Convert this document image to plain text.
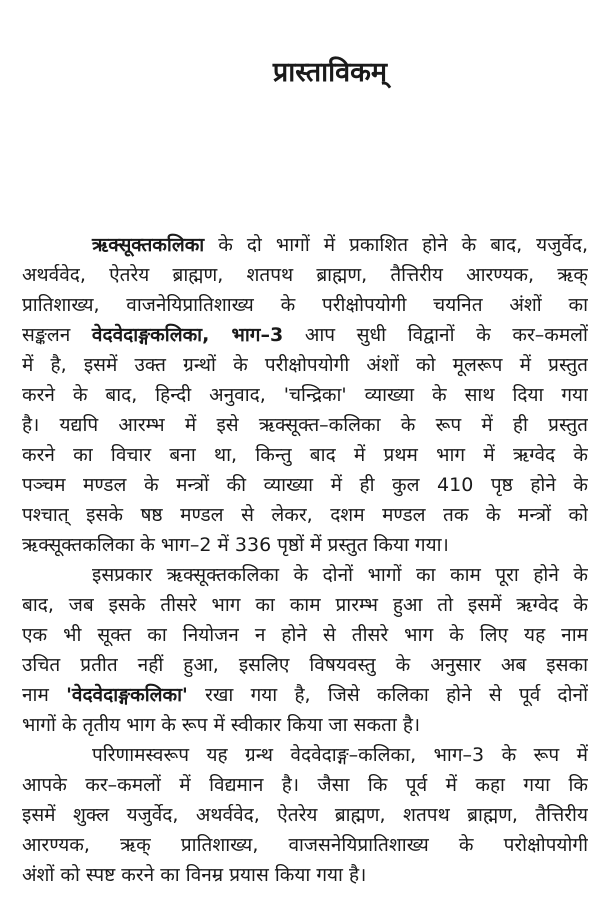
प्रास्ताविकम्
ऋक्सूक्तकलिका के दो भागों में प्रकाशित होने के बाद, यजुर्वेद,
अथर्ववेद, ऐतरेय ब्राह्मण, शतपथ ब्राह्मण, तैत्तिरीय आरण्यक, ऋक्
प्रातिशाख्य, वाजनेयिप्रातिशाख्य के परीक्षोपयोगी चयनित अंशों का
सङ्कलन वेदवेदाङ्गकलिका, भाग–3 आप सुधी विद्वानों के कर–कमलों
में है, इसमें उक्त ग्रन्थों के परीक्षोपयोगी अंशों को मूलरूप में प्रस्तुत
करने के बाद, हिन्दी अनुवाद, 'चन्द्रिका' व्याख्या के साथ दिया गया
है। यद्यपि आरम्भ में इसे ऋक्सूक्त–कलिका के रूप में ही प्रस्तुत
करने का विचार बना था, किन्तु बाद में प्रथम भाग में ऋग्वेद के
पञ्चम मण्डल के मन्त्रों की व्याख्या में ही कुल 410 पृष्ठ होने के
पश्चात् इसके षष्ठ मण्डल से लेकर, दशम मण्डल तक के मन्त्रों को
ऋक्सूक्तकलिका के भाग–2 में 336 पृष्ठों में प्रस्तुत किया गया।
इसप्रकार ऋक्सूक्तकलिका के दोनों भागों का काम पूरा होने के
बाद, जब इसके तीसरे भाग का काम प्रारम्भ हुआ तो इसमें ऋग्वेद के
एक भी सूक्त का नियोजन न होने से तीसरे भाग के लिए यह नाम
उचित प्रतीत नहीं हुआ, इसलिए विषयवस्तु के अनुसार अब इसका
नाम 'वेदवेदाङ्गकलिका' रखा गया है, जिसे कलिका होने से पूर्व दोनों
भागों के तृतीय भाग के रूप में स्वीकार किया जा सकता है।
परिणामस्वरूप यह ग्रन्थ वेदवेदाङ्ग–कलिका, भाग–3 के रूप में
आपके कर–कमलों में विद्यमान है। जैसा कि पूर्व में कहा गया कि
इसमें शुक्ल यजुर्वेद, अथर्ववेद, ऐतरेय ब्राह्मण, शतपथ ब्राह्मण, तैत्तिरीय
आरण्यक, ऋक् प्रातिशाख्य, वाजसनेयिप्रातिशाख्य के परोक्षोपयोगी
अंशों को स्पष्ट करने का विनम्र प्रयास किया गया है।
